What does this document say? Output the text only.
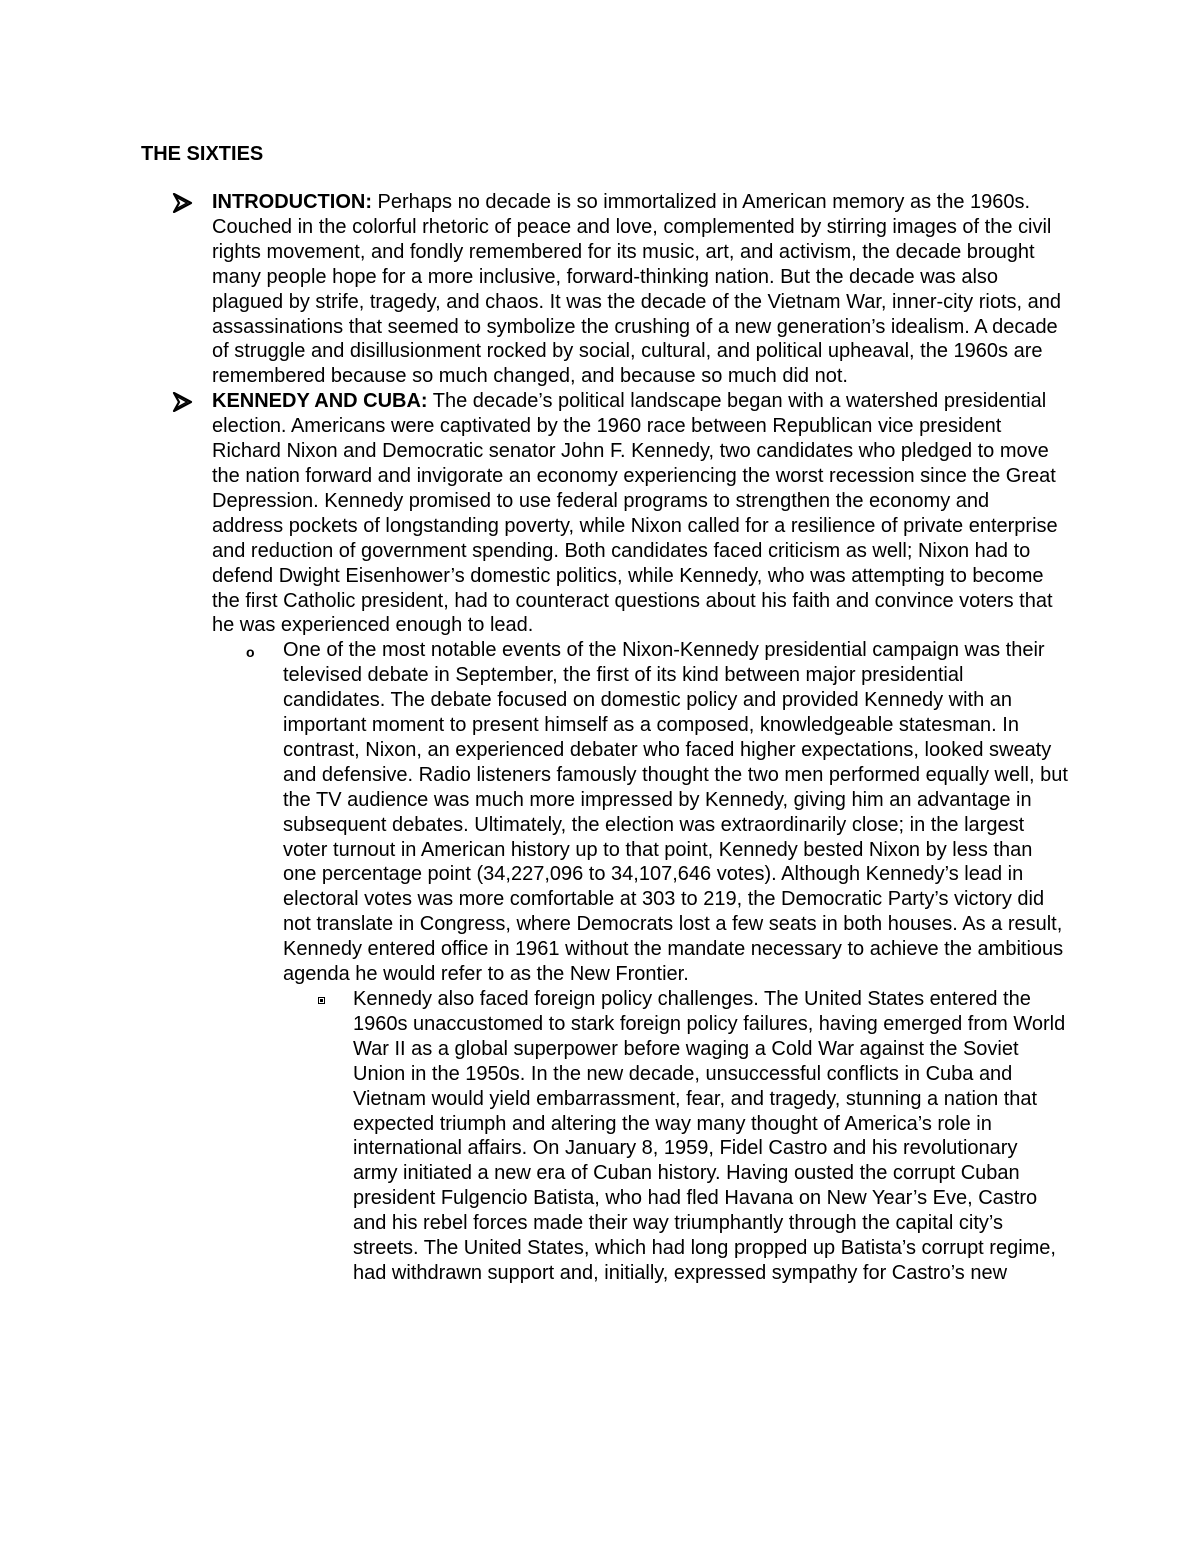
THE SIXTIES
INTRODUCTION: Perhaps no decade is so immortalized in American memory as the 1960s. Couched in the colorful rhetoric of peace and love, complemented by stirring images of the civil rights movement, and fondly remembered for its music, art, and activism, the decade brought many people hope for a more inclusive, forward-thinking nation. But the decade was also plagued by strife, tragedy, and chaos. It was the decade of the Vietnam War, inner-city riots, and assassinations that seemed to symbolize the crushing of a new generation’s idealism. A decade of struggle and disillusionment rocked by social, cultural, and political upheaval, the 1960s are remembered because so much changed, and because so much did not.
KENNEDY AND CUBA: The decade’s political landscape began with a watershed presidential election. Americans were captivated by the 1960 race between Republican vice president Richard Nixon and Democratic senator John F. Kennedy, two candidates who pledged to move the nation forward and invigorate an economy experiencing the worst recession since the Great Depression. Kennedy promised to use federal programs to strengthen the economy and address pockets of longstanding poverty, while Nixon called for a resilience of private enterprise and reduction of government spending. Both candidates faced criticism as well; Nixon had to defend Dwight Eisenhower’s domestic politics, while Kennedy, who was attempting to become the first Catholic president, had to counteract questions about his faith and convince voters that he was experienced enough to lead.
o One of the most notable events of the Nixon-Kennedy presidential campaign was their televised debate in September, the first of its kind between major presidential candidates. The debate focused on domestic policy and provided Kennedy with an important moment to present himself as a composed, knowledgeable statesman. In contrast, Nixon, an experienced debater who faced higher expectations, looked sweaty and defensive. Radio listeners famously thought the two men performed equally well, but the TV audience was much more impressed by Kennedy, giving him an advantage in subsequent debates. Ultimately, the election was extraordinarily close; in the largest voter turnout in American history up to that point, Kennedy bested Nixon by less than one percentage point (34,227,096 to 34,107,646 votes). Although Kennedy’s lead in electoral votes was more comfortable at 303 to 219, the Democratic Party’s victory did not translate in Congress, where Democrats lost a few seats in both houses. As a result, Kennedy entered office in 1961 without the mandate necessary to achieve the ambitious agenda he would refer to as the New Frontier.
Kennedy also faced foreign policy challenges. The United States entered the 1960s unaccustomed to stark foreign policy failures, having emerged from World War II as a global superpower before waging a Cold War against the Soviet Union in the 1950s. In the new decade, unsuccessful conflicts in Cuba and Vietnam would yield embarrassment, fear, and tragedy, stunning a nation that expected triumph and altering the way many thought of America’s role in international affairs. On January 8, 1959, Fidel Castro and his revolutionary army initiated a new era of Cuban history. Having ousted the corrupt Cuban president Fulgencio Batista, who had fled Havana on New Year’s Eve, Castro and his rebel forces made their way triumphantly through the capital city’s streets. The United States, which had long propped up Batista’s corrupt regime, had withdrawn support and, initially, expressed sympathy for Castro’s new
